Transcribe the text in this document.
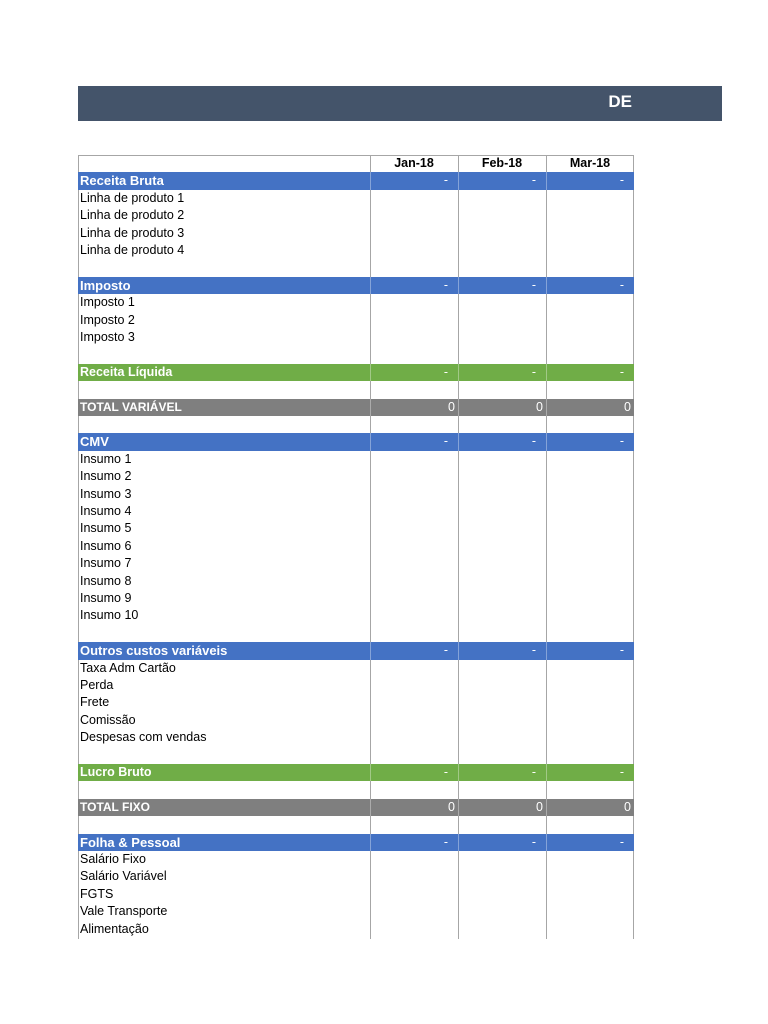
DE
Jan-18	Feb-18	Mar-18
Receita Bruta	-	-	-
Linha de produto 1
Linha de produto 2
Linha de produto 3
Linha de produto 4
Imposto	-	-	-
Imposto 1
Imposto 2
Imposto 3
Receita Líquida	-	-	-
TOTAL VARIÁVEL	0	0	0
CMV	-	-	-
Insumo 1
Insumo 2
Insumo 3
Insumo 4
Insumo 5
Insumo 6
Insumo 7
Insumo 8
Insumo 9
Insumo 10
Outros custos variáveis	-	-	-
Taxa Adm Cartão
Perda
Frete
Comissão
Despesas com vendas
Lucro Bruto	-	-	-
TOTAL FIXO	0	0	0
Folha & Pessoal	-	-	-
Salário Fixo
Salário Variável
FGTS
Vale Transporte
Alimentação
